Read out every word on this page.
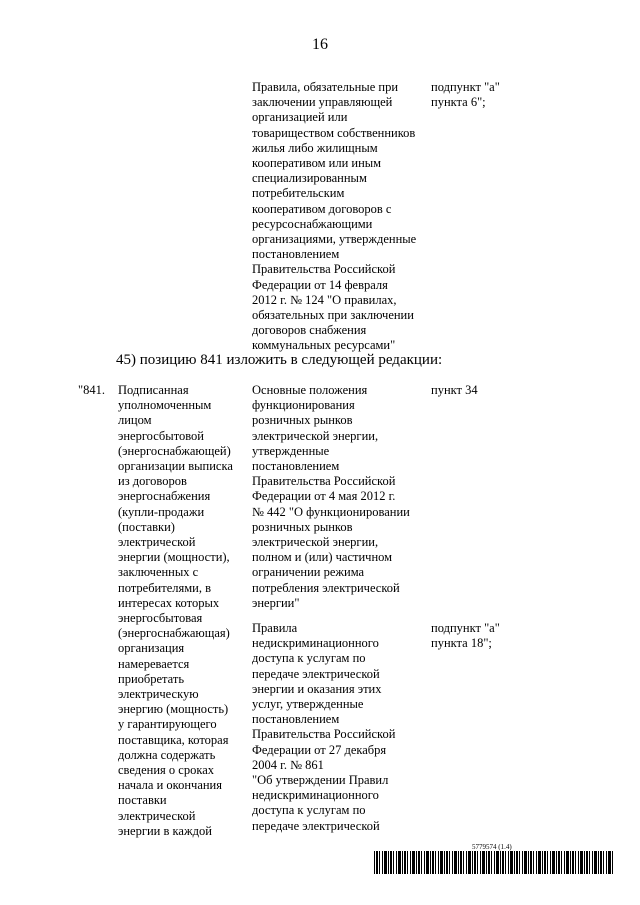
16
Правила, обязательные при
заключении управляющей
организацией или
товариществом собственников
жилья либо жилищным
кооперативом или иным
специализированным
потребительским
кооперативом договоров с
ресурсоснабжающими
организациями, утвержденные
постановлением
Правительства Российской
Федерации от 14 февраля
2012 г. № 124 "О правилах,
обязательных при заключении
договоров снабжения
коммунальных ресурсами"
подпункт "а"
пункта 6";
45) позицию 841 изложить в следующей редакции:
"841.	Подписанная
уполномоченным
лицом
энергосбытовой
(энергоснабжающей)
организации выписка
из договоров
энергоснабжения
(купли-продажи
(поставки)
электрической
энергии (мощности),
заключенных с
потребителями, в
интересах которых
энергосбытовая
(энергоснабжающая)
организация
намеревается
приобретать
электрическую
энергию (мощность)
у гарантирующего
поставщика, которая
должна содержать
сведения о сроках
начала и окончания
поставки
электрической
энергии в каждой
Основные положения
функционирования
розничных рынков
электрической энергии,
утвержденные
постановлением
Правительства Российской
Федерации от 4 мая 2012 г.
№ 442 "О функционировании
розничных рынков
электрической энергии,
полном и (или) частичном
ограничении режима
потребления электрической
энергии"
пункт 34
Правила
недискриминационного
доступа к услугам по
передаче электрической
энергии и оказания этих
услуг, утвержденные
постановлением
Правительства Российской
Федерации от 27 декабря
2004 г. № 861
"Об утверждении Правил
недискриминационного
доступа к услугам по
передаче электрической
подпункт "а"
пункта 18";
5779574 (1.4)
